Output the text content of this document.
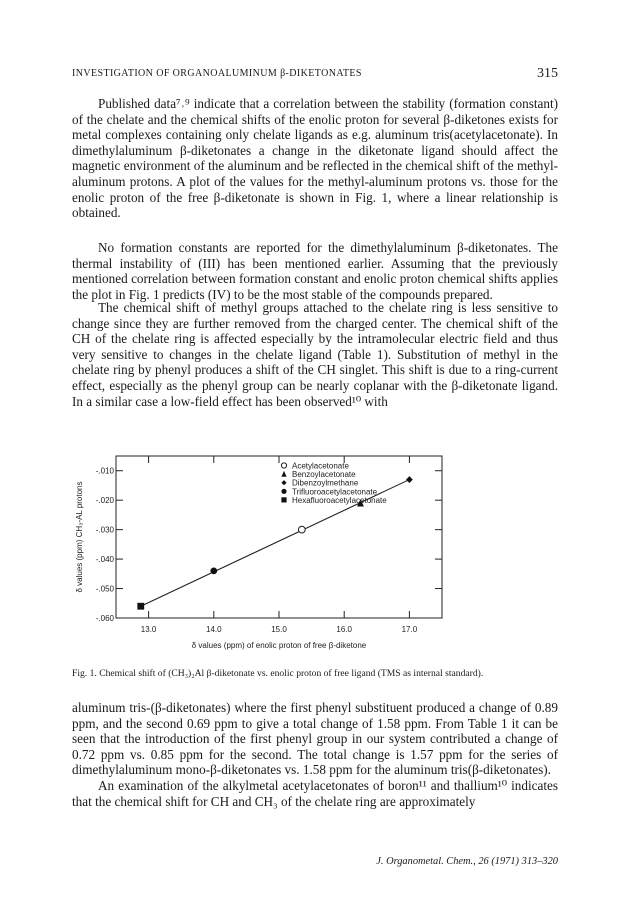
INVESTIGATION OF ORGANOALUMINUM β-DIKETONATES	315

Published data⁷˒⁹ indicate that a correlation between the stability (formation constant) of the chelate and the chemical shifts of the enolic proton for several β-diketones exists for metal complexes containing only chelate ligands as e.g. aluminum tris(acetylacetonate). In dimethylaluminum β-diketonates a change in the diketonate ligand should affect the magnetic environment of the aluminum and be reflected in the chemical shift of the methyl-aluminum protons. A plot of the values for the methyl-aluminum protons vs. those for the enolic proton of the free β-diketonate is shown in Fig. 1, where a linear relationship is obtained.

No formation constants are reported for the dimethylaluminum β-diketonates. The thermal instability of (III) has been mentioned earlier. Assuming that the previously mentioned correlation between formation constant and enolic proton chemical shifts applies the plot in Fig. 1 predicts (IV) to be the most stable of the compounds prepared.

The chemical shift of methyl groups attached to the chelate ring is less sensitive to change since they are further removed from the charged center. The chemical shift of the CH of the chelate ring is affected especially by the intramolecular electric field and thus very sensitive to changes in the chelate ligand (Table 1). Substitution of methyl in the chelate ring by phenyl produces a shift of the CH singlet. This shift is due to a ring-current effect, especially as the phenyl group can be nearly coplanar with the β-diketonate ligand. In a similar case a low-field effect has been observed¹⁰ with

13.0	14.0	15.0	16.0	17.0
-.010
-.020
-.030
-.040
-.050
-.060
Acetylacetonate
Benzoylacetonate
Dibenzoylmethane
Trifluoroacetylacetonate
Hexafluoroacetylacetonate
δ values (ppm) of enolic proton of free β-diketone
δ values (ppm) CH₃-AL protons
Fig. 1. Chemical shift of (CH₃)₂Al β-diketonate vs. enolic proton of free ligand (TMS as internal standard).

aluminum tris-(β-diketonates) where the first phenyl substituent produced a change of 0.89 ppm, and the second 0.69 ppm to give a total change of 1.58 ppm. From Table 1 it can be seen that the introduction of the first phenyl group in our system contributed a change of 0.72 ppm vs. 0.85 ppm for the second. The total change is 1.57 ppm for the series of dimethylaluminum mono-β-diketonates vs. 1.58 ppm for the aluminum tris(β-diketonates).

An examination of the alkylmetal acetylacetonates of boron¹¹ and thallium¹⁰ indicates that the chemical shift for CH and CH₃ of the chelate ring are approximately

J. Organometal. Chem., 26 (1971) 313–320
